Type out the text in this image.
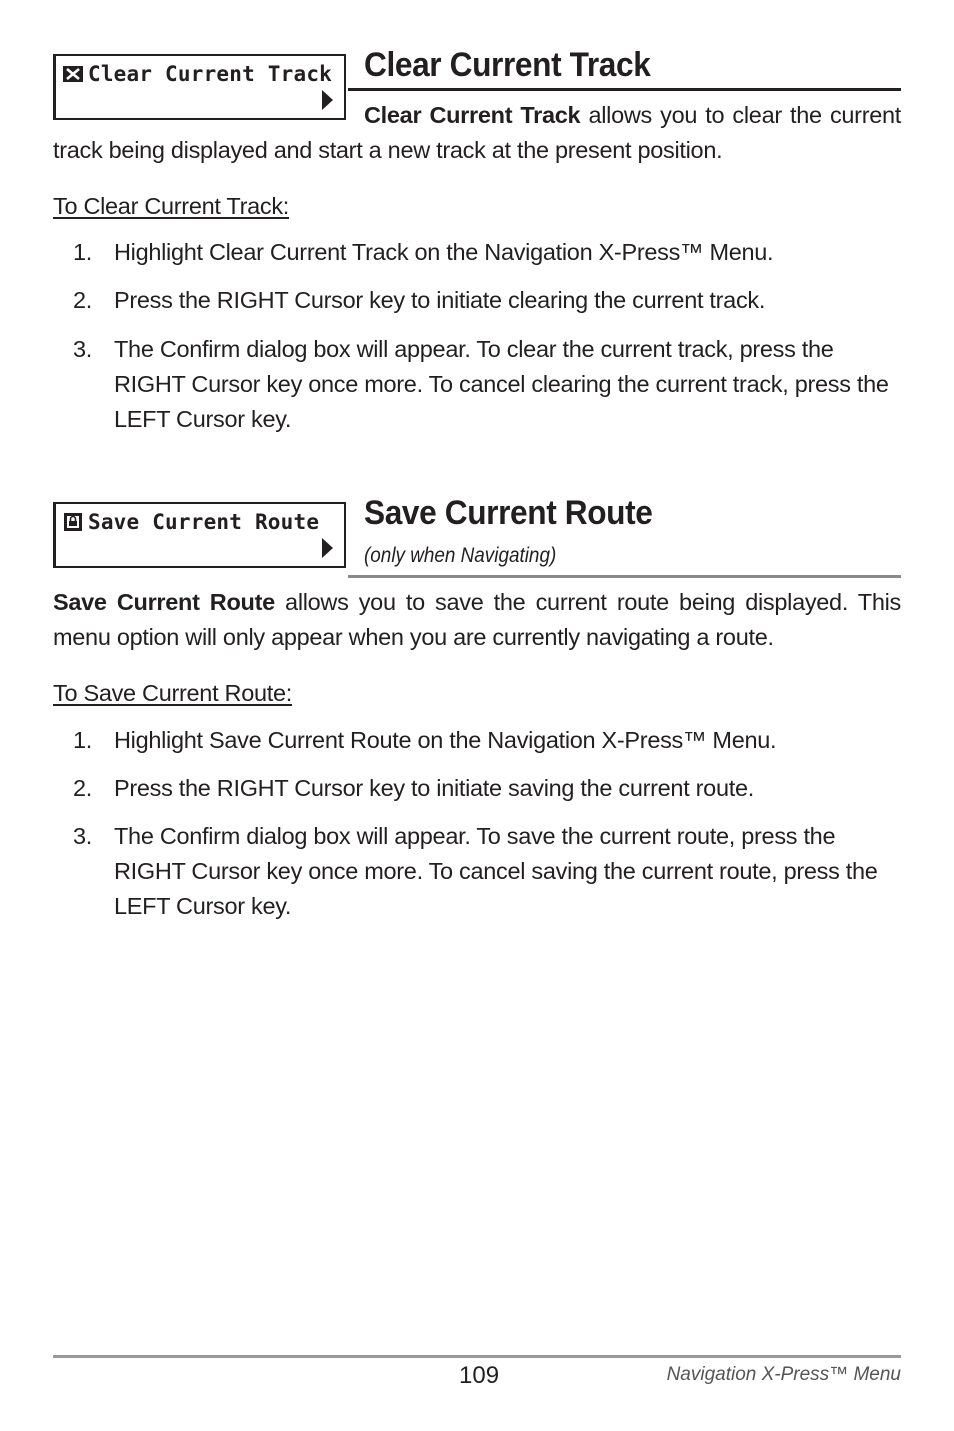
Clear Current Track Clear Current Track

Clear Current Track allows you to clear the current track being displayed and start a new track at the present position.

To Clear Current Track:

1. Highlight Clear Current Track on the Navigation X-Press™ Menu.
2. Press the RIGHT Cursor key to initiate clearing the current track.
3. The Confirm dialog box will appear. To clear the current track, press the RIGHT Cursor key once more. To cancel clearing the current track, press the LEFT Cursor key.
Save Current Route Save Current Route
(only when Navigating)

Save Current Route allows you to save the current route being displayed. This menu option will only appear when you are currently navigating a route.

To Save Current Route:

1. Highlight Save Current Route on the Navigation X-Press™ Menu.
2. Press the RIGHT Cursor key to initiate saving the current route.
3. The Confirm dialog box will appear. To save the current route, press the RIGHT Cursor key once more. To cancel saving the current route, press the LEFT Cursor key.
109	Navigation X-Press™ Menu
